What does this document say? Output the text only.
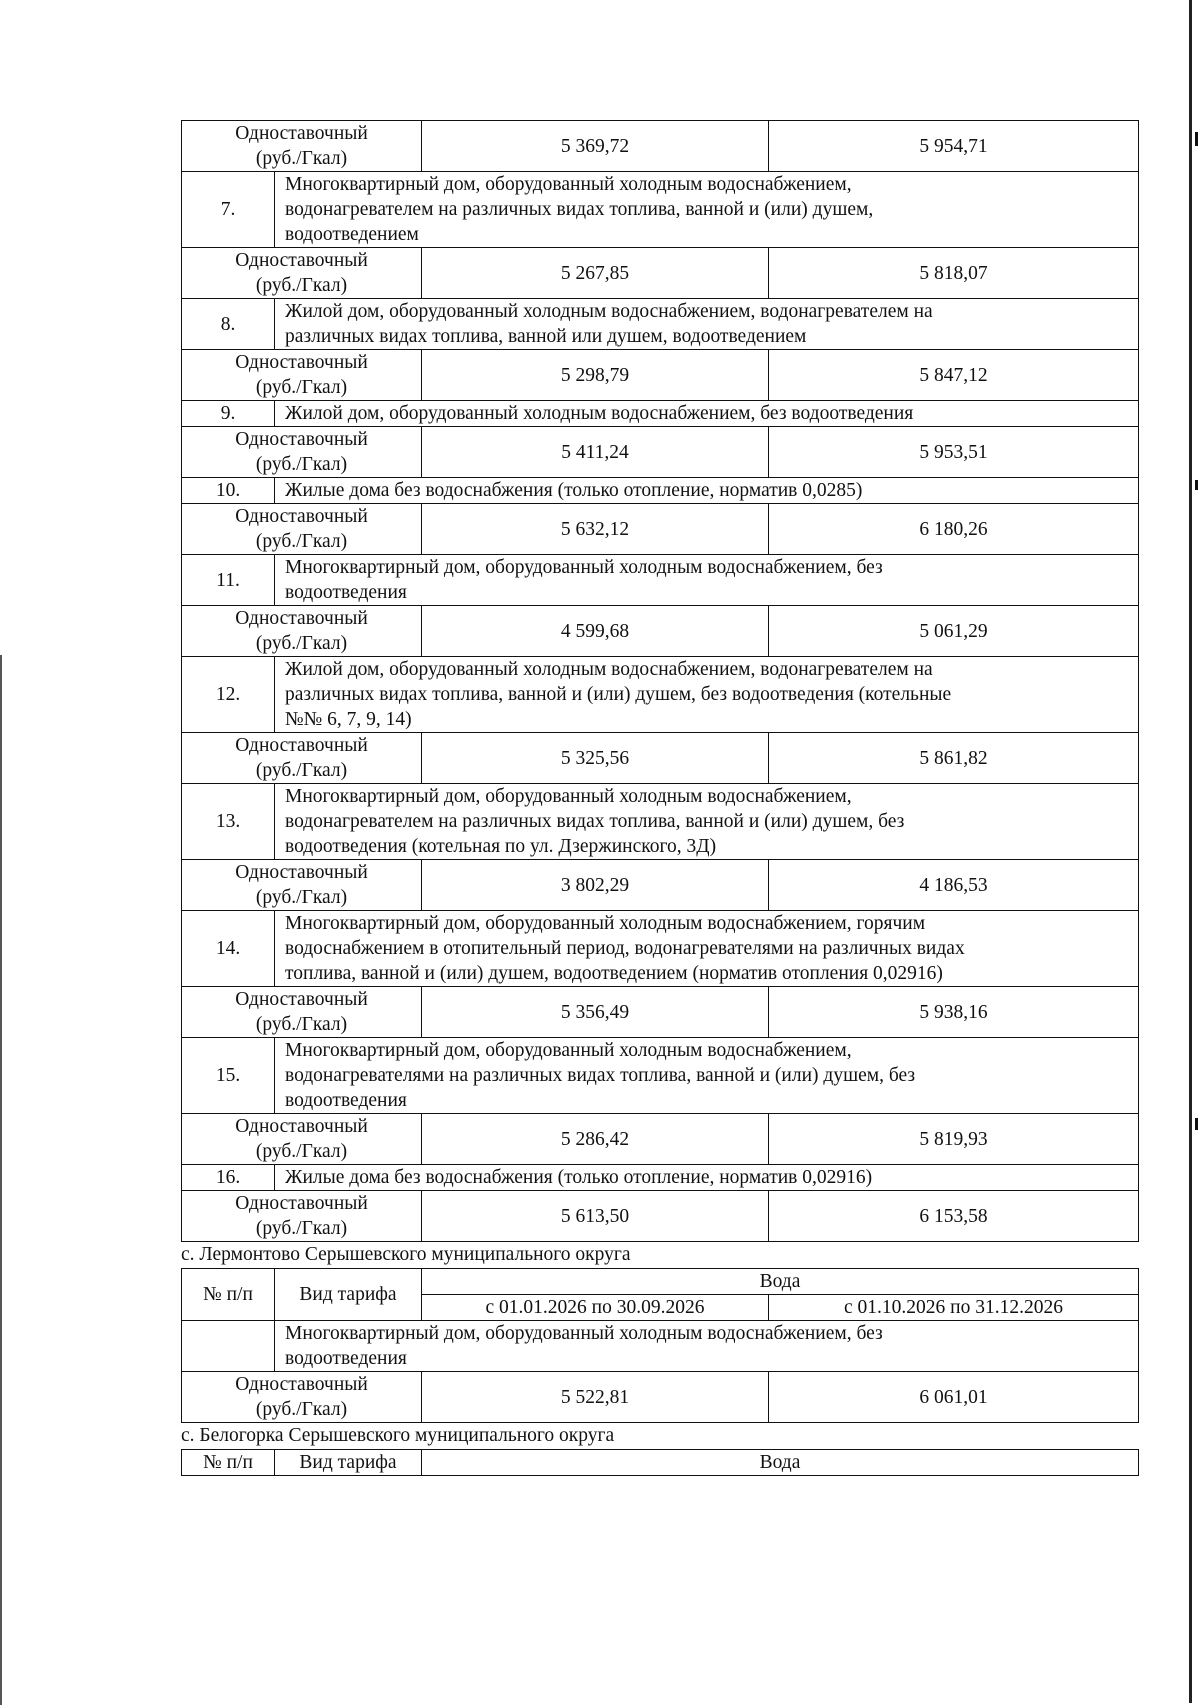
Одноставочный
(руб./Гкал)		5 369,72	5 954,71
7.	Многоквартирный дом, оборудованный холодным водоснабжением,
водонагревателем на различных видах топлива, ванной и (или) душем,
водоотведением		
Одноставочный
(руб./Гкал)		5 267,85	5 818,07
8.	Жилой дом, оборудованный холодным водоснабжением, водонагревателем на
различных видах топлива, ванной или душем, водоотведением		
Одноставочный
(руб./Гкал)		5 298,79	5 847,12
9.	Жилой дом, оборудованный холодным водоснабжением, без водоотведения		
Одноставочный
(руб./Гкал)		5 411,24	5 953,51
10.	Жилые дома без водоснабжения (только отопление, норматив 0,0285)		
Одноставочный
(руб./Гкал)		5 632,12	6 180,26
11.	Многоквартирный дом, оборудованный холодным водоснабжением, без
водоотведения		
Одноставочный
(руб./Гкал)		4 599,68	5 061,29
12.	Жилой дом, оборудованный холодным водоснабжением, водонагревателем на
различных видах топлива, ванной и (или) душем, без водоотведения (котельные
№№ 6, 7, 9, 14)		
Одноставочный
(руб./Гкал)		5 325,56	5 861,82
13.	Многоквартирный дом, оборудованный холодным водоснабжением,
водонагревателем на различных видах топлива, ванной и (или) душем, без
водоотведения (котельная по ул. Дзержинского, 3Д)		
Одноставочный
(руб./Гкал)		3 802,29	4 186,53
14.	Многоквартирный дом, оборудованный холодным водоснабжением, горячим
водоснабжением в отопительный период, водонагревателями на различных видах
топлива, ванной и (или) душем, водоотведением (норматив отопления 0,02916)		
Одноставочный
(руб./Гкал)		5 356,49	5 938,16
15.	Многоквартирный дом, оборудованный холодным водоснабжением,
водонагревателями на различных видах топлива, ванной и (или) душем, без
водоотведения		
Одноставочный
(руб./Гкал)		5 286,42	5 819,93
16.	Жилые дома без водоснабжения (только отопление, норматив 0,02916)		
Одноставочный
(руб./Гкал)		5 613,50	6 153,58
с. Лермонтово Серышевского муниципального округа
№ п/п	Вид тарифа	Вода	
		с 01.01.2026 по 30.09.2026	с 01.10.2026 по 31.12.2026
	Многоквартирный дом, оборудованный холодным водоснабжением, без
водоотведения		
Одноставочный
(руб./Гкал)		5 522,81	6 061,01
с. Белогорка Серышевского муниципального округа
№ п/п	Вид тарифа	Вода
